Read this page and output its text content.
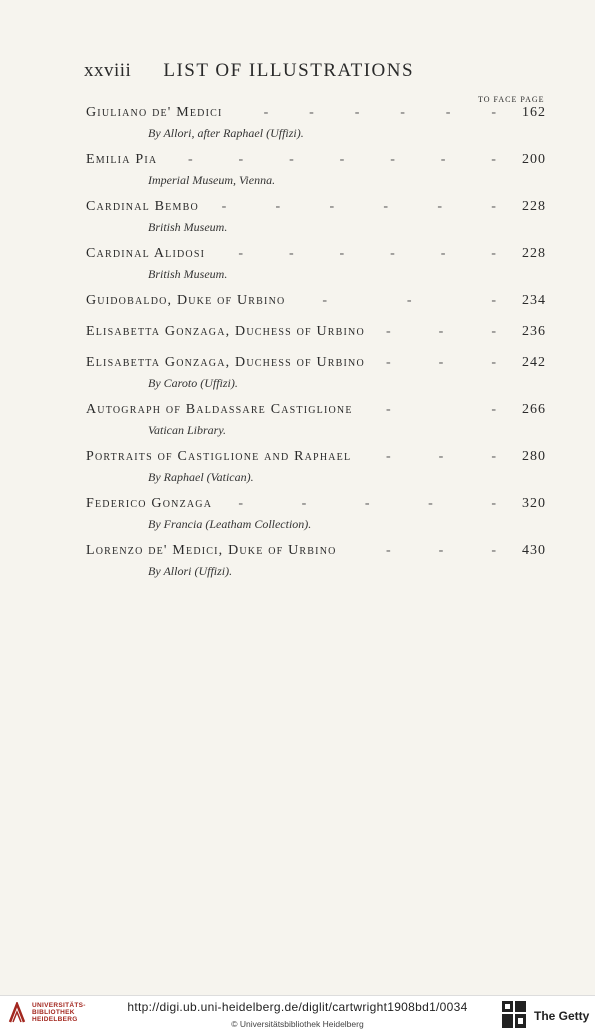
xxviii LIST OF ILLUSTRATIONS
TO FACE PAGE
Giuliano de' Medici	-	-	-	-	-	- 162
By Allori, after Raphael (Uffizi).
Emilia Pia -	-	-	-	-	-	- 200
Imperial Museum, Vienna.
Cardinal Bembo -	-	-	-	-	- 228
British Museum.
Cardinal Alidosi -	-	-	-	-	- 228
British Museum.
Guidobaldo, Duke of Urbino	-	-	- 234
Elisabetta Gonzaga, Duchess of Urbino -	-	- 236
Elisabetta Gonzaga, Duchess of Urbino -	-	- 242
By Caroto (Uffizi).
Autograph of Baldassare Castiglione -	- 266
Vatican Library.
Portraits of Castiglione and Raphael -	-	- 280
By Raphael (Vatican).
Federico Gonzaga -	-	-	-	- 320
By Francia (Leatham Collection).
Lorenzo de' Medici, Duke of Urbino	-	-	- 430
By Allori (Uffizi).
UNIVERSITÄTS-
BIBLIOTHEK
HEIDELBERG
http://digi.ub.uni-heidelberg.de/diglit/cartwright1908bd1/0034
© Universitätsbibliothek Heidelberg
The Getty
